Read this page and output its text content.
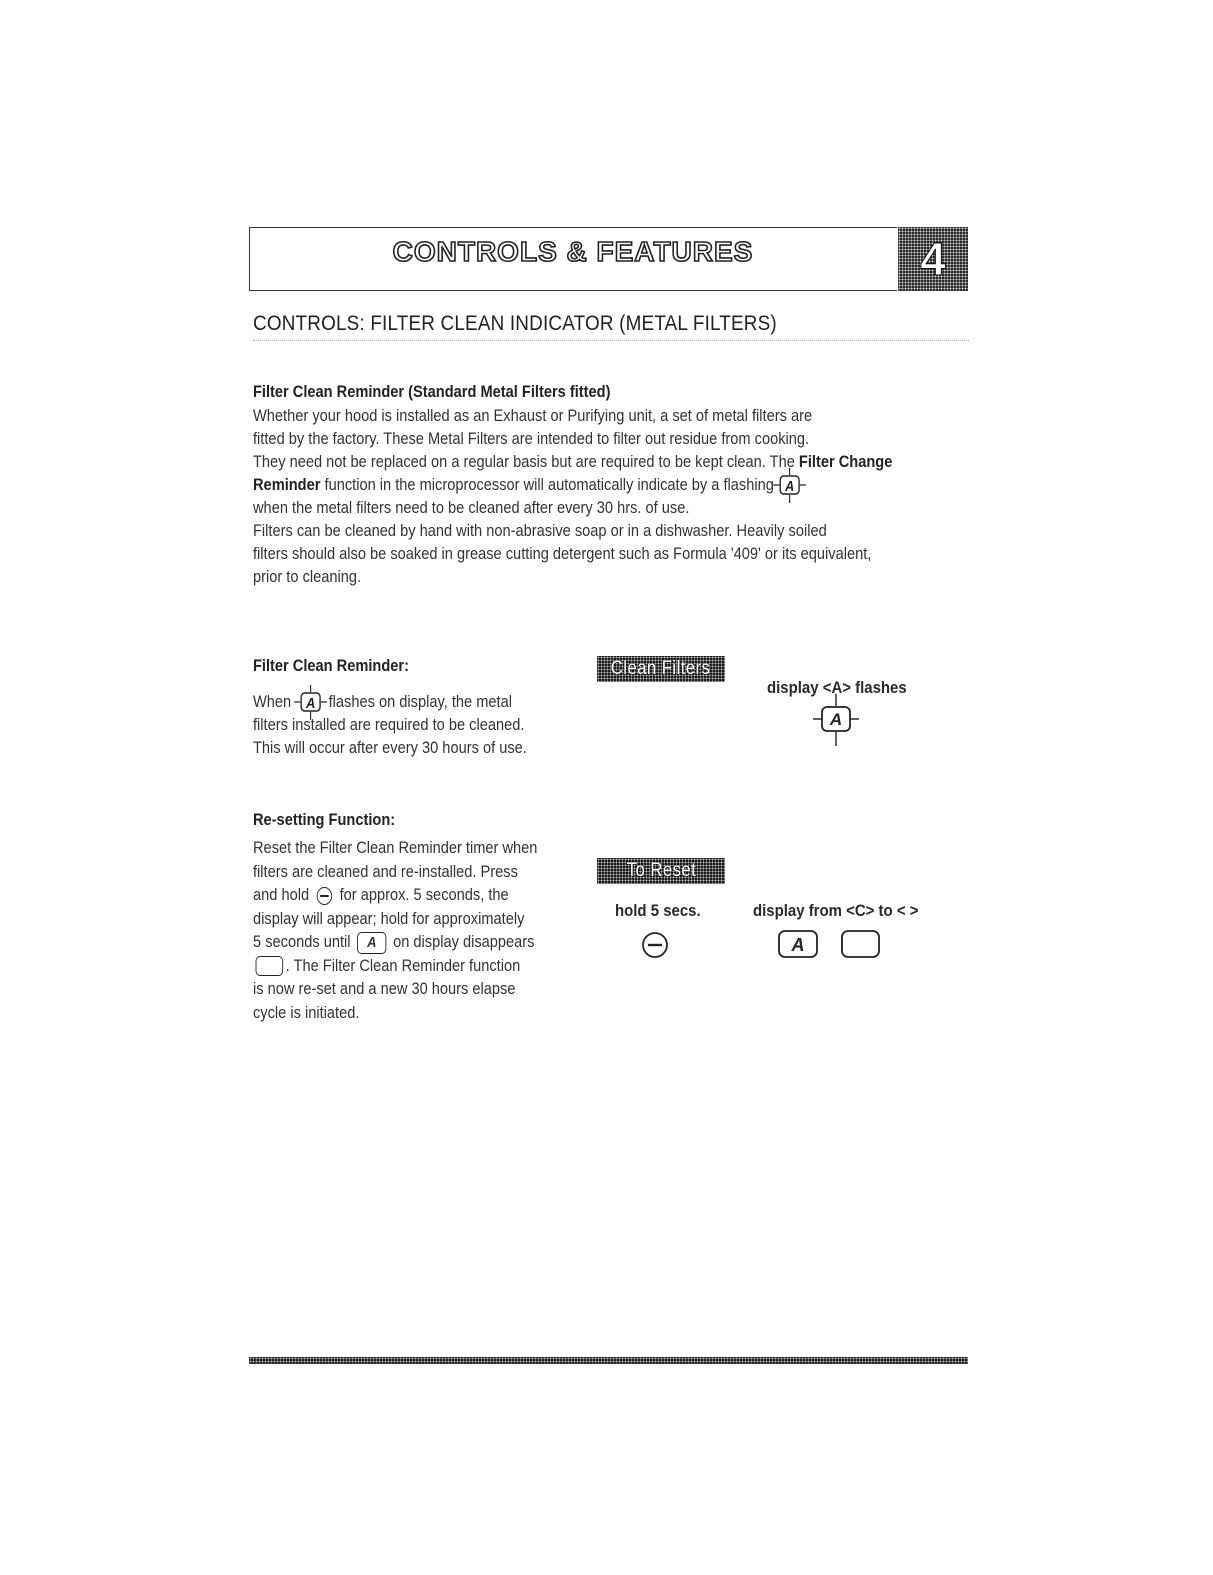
CONTROLS & FEATURES	4
CONTROLS: FILTER CLEAN INDICATOR (METAL FILTERS)
Filter Clean Reminder (Standard Metal Filters fitted)
Whether your hood is installed as an Exhaust or Purifying unit, a set of metal filters are
fitted by the factory. These Metal Filters are intended to filter out residue from cooking.
They need not be replaced on a regular basis but are required to be kept clean. The Filter Change
Reminder function in the microprocessor will automatically indicate by a flashing A
when the metal filters need to be cleaned after every 30 hrs. of use.
Filters can be cleaned by hand with non-abrasive soap or in a dishwasher. Heavily soiled
filters should also be soaked in grease cutting detergent such as Formula '409' or its equivalent,
prior to cleaning.
Filter Clean Reminder:
When A flashes on display, the metal
filters installed are required to be cleaned.
This will occur after every 30 hours of use.
Clean Filters
display <A> flashes
A
Re-setting Function:
Reset the Filter Clean Reminder timer when
filters are cleaned and re-installed. Press
and hold for approx. 5 seconds, the
display will appear; hold for approximately
5 seconds until A on display disappears
. The Filter Clean Reminder function
is now re-set and a new 30 hours elapse
cycle is initiated.
To Reset
hold 5 secs.	display from <C> to < >
A
